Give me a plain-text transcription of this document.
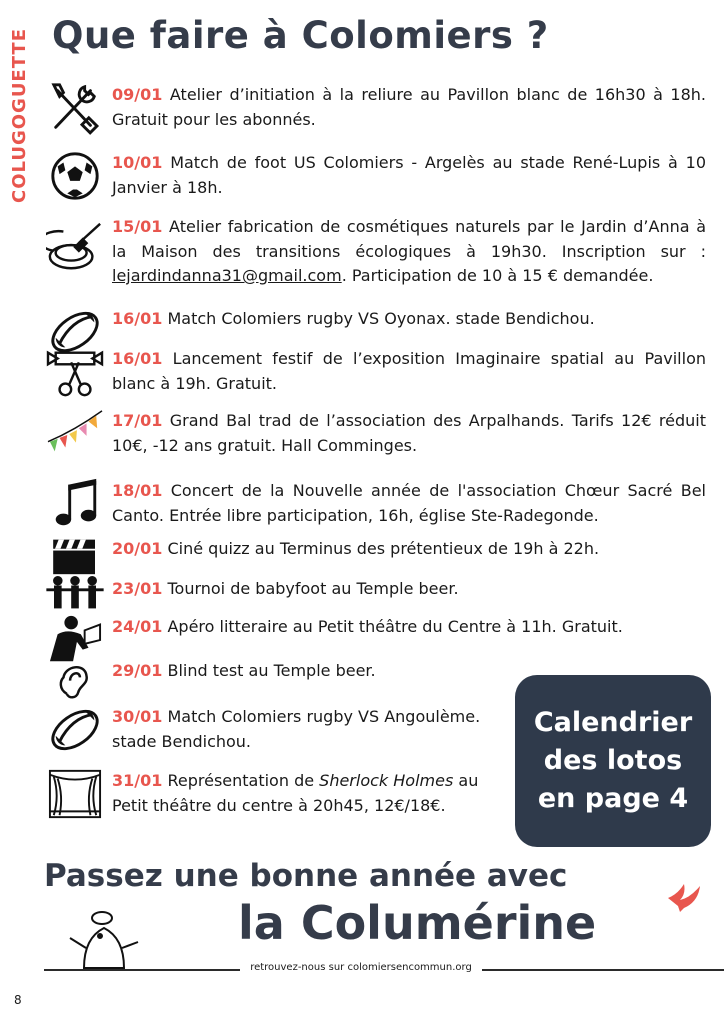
COLUGOGUETTE Que faire à Colomiers ?
09/01 Atelier d’initiation à la reliure au Pavillon blanc de 16h30 à 18h. Gratuit pour les abonnés.
10/01 Match de foot US Colomiers - Argelès au stade René-Lupis à 10 Janvier à 18h.
15/01 Atelier fabrication de cosmétiques naturels par le Jardin d’Anna à la Maison des transitions écologiques à 19h30. Inscription sur : lejardindanna31@gmail.com. Participation de 10 à 15 € demandée.
16/01 Match Colomiers rugby VS Oyonax. stade Bendichou.
16/01 Lancement festif de l’exposition Imaginaire spatial au Pavillon blanc à 19h. Gratuit.
17/01 Grand Bal trad de l’association des Arpalhands. Tarifs 12€ réduit 10€, -12 ans gratuit. Hall Comminges.
18/01 Concert de la Nouvelle année de l'association Chœur Sacré Bel Canto. Entrée libre participation, 16h, église Ste-Radegonde.
20/01 Ciné quizz au Terminus des prétentieux de 19h à 22h.
23/01 Tournoi de babyfoot au Temple beer.
24/01 Apéro litteraire au Petit théâtre du Centre à 11h. Gratuit.
29/01 Blind test au Temple beer.
30/01 Match Colomiers rugby VS Angoulème. stade Bendichou.
31/01 Représentation de Sherlock Holmes au Petit théâtre du centre à 20h45, 12€/18€.
Calendrier
des lotos
en page 4

Passez une bonne année avec

la Columérine

retrouvez-nous sur colomiersencommun.org
8
